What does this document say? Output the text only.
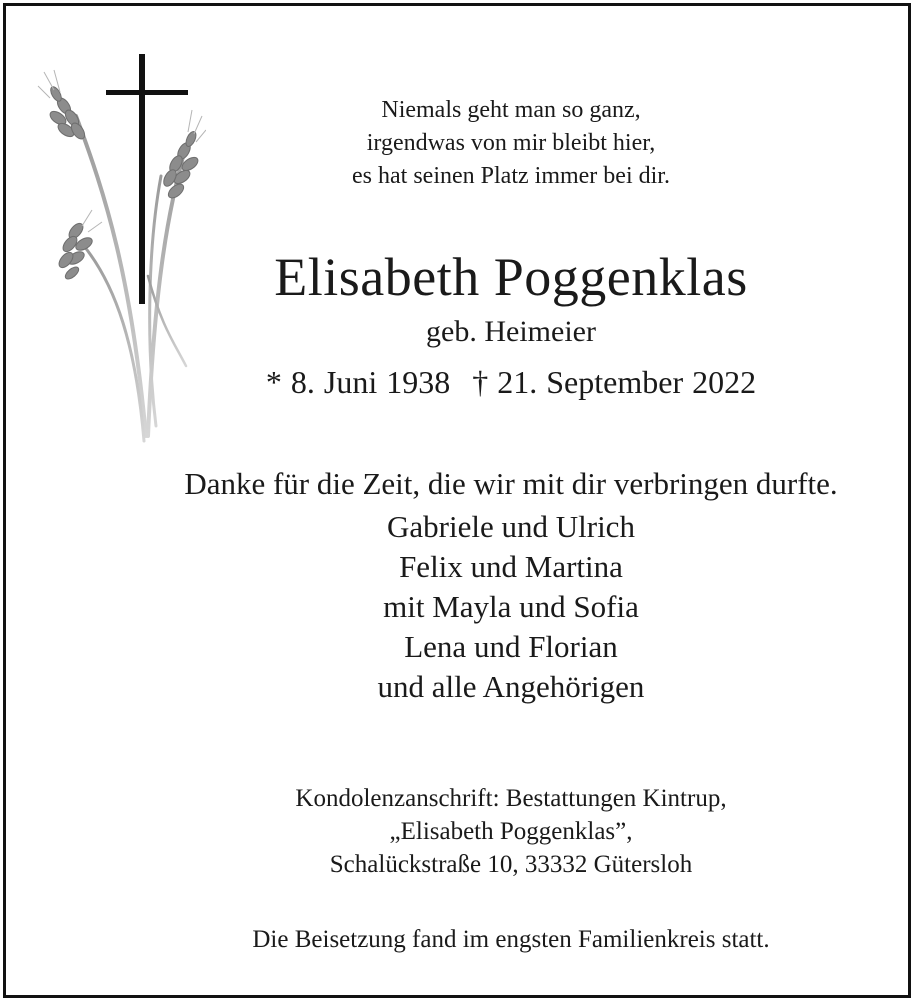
Niemals geht man so ganz,
irgendwas von mir bleibt hier,
es hat seinen Platz immer bei dir.
Elisabeth Poggenklas
geb. Heimeier
* 8. Juni 1938 † 21. September 2022
Danke für die Zeit, die wir mit dir verbringen durfte.
Gabriele und Ulrich
Felix und Martina
mit Mayla und Sofia
Lena und Florian
und alle Angehörigen
Kondolenzanschrift: Bestattungen Kintrup,
„Elisabeth Poggenklas”,
Schalückstraße 10, 33332 Gütersloh
Die Beisetzung fand im engsten Familienkreis statt.
